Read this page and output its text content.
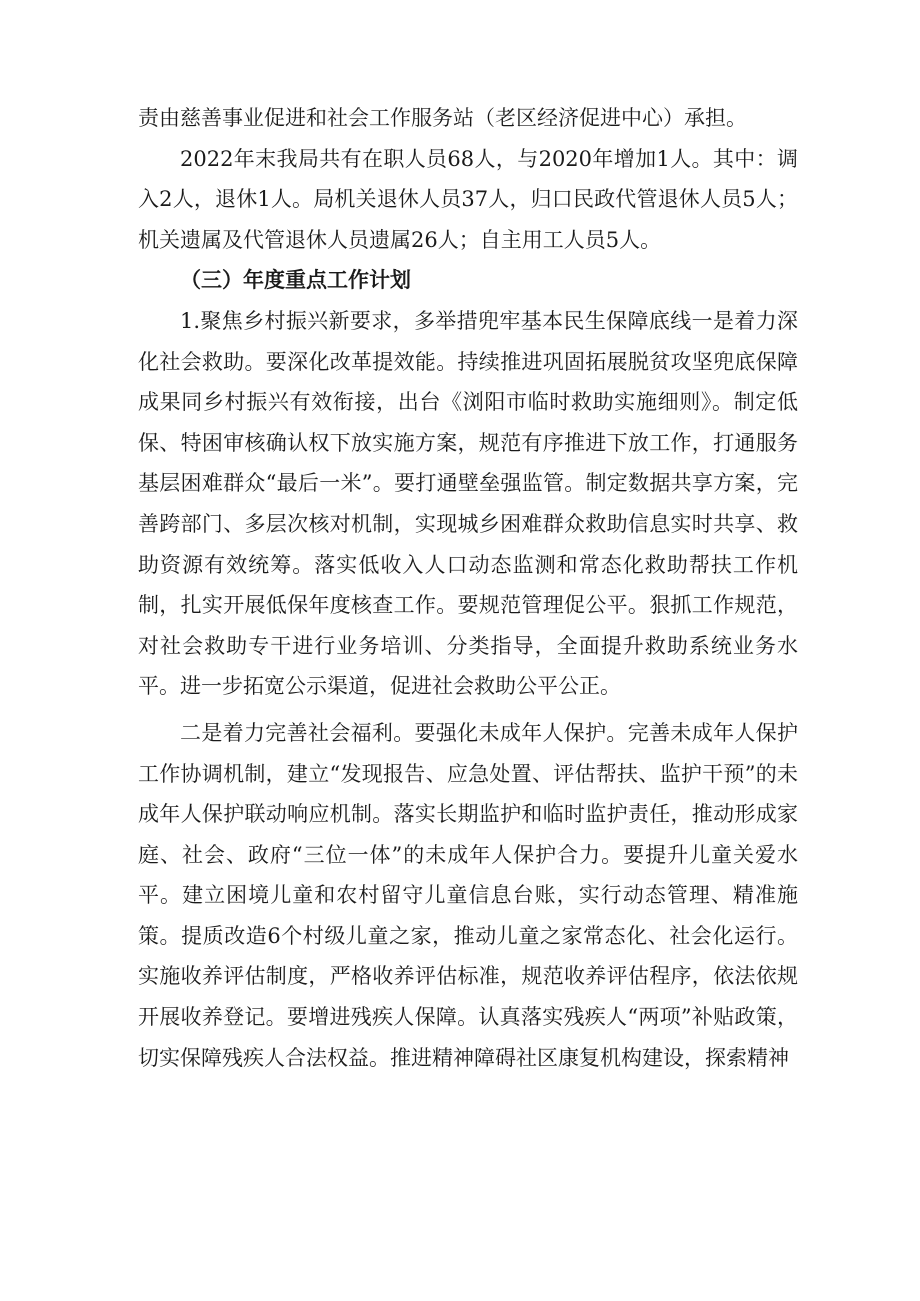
责由慈善事业促进和社会工作服务站（老区经济促进中心）承担。

2022年末我局共有在职人员68人，与2020年增加1人。其中：调入2人，退休1人。局机关退休人员37人，归口民政代管退休人员5人；机关遗属及代管退休人员遗属26人；自主用工人员5人。

（三）年度重点工作计划

1.聚焦乡村振兴新要求，多举措兜牢基本民生保障底线一是着力深化社会救助。要深化改革提效能。持续推进巩固拓展脱贫攻坚兜底保障成果同乡村振兴有效衔接，出台《浏阳市临时救助实施细则》。制定低保、特困审核确认权下放实施方案，规范有序推进下放工作，打通服务基层困难群众“最后一米”。要打通壁垒强监管。制定数据共享方案，完善跨部门、多层次核对机制，实现城乡困难群众救助信息实时共享、救助资源有效统筹。落实低收入人口动态监测和常态化救助帮扶工作机制，扎实开展低保年度核查工作。要规范管理促公平。狠抓工作规范，对社会救助专干进行业务培训、分类指导，全面提升救助系统业务水平。进一步拓宽公示渠道，促进社会救助公平公正。

二是着力完善社会福利。要强化未成年人保护。完善未成年人保护工作协调机制，建立“发现报告、应急处置、评估帮扶、监护干预”的未成年人保护联动响应机制。落实长期监护和临时监护责任，推动形成家庭、社会、政府“三位一体”的未成年人保护合力。要提升儿童关爱水平。建立困境儿童和农村留守儿童信息台账，实行动态管理、精准施策。提质改造6个村级儿童之家，推动儿童之家常态化、社会化运行。实施收养评估制度，严格收养评估标准，规范收养评估程序，依法依规开展收养登记。要增进残疾人保障。认真落实残疾人“两项”补贴政策，切实保障残疾人合法权益。推进精神障碍社区康复机构建设，探索精神
